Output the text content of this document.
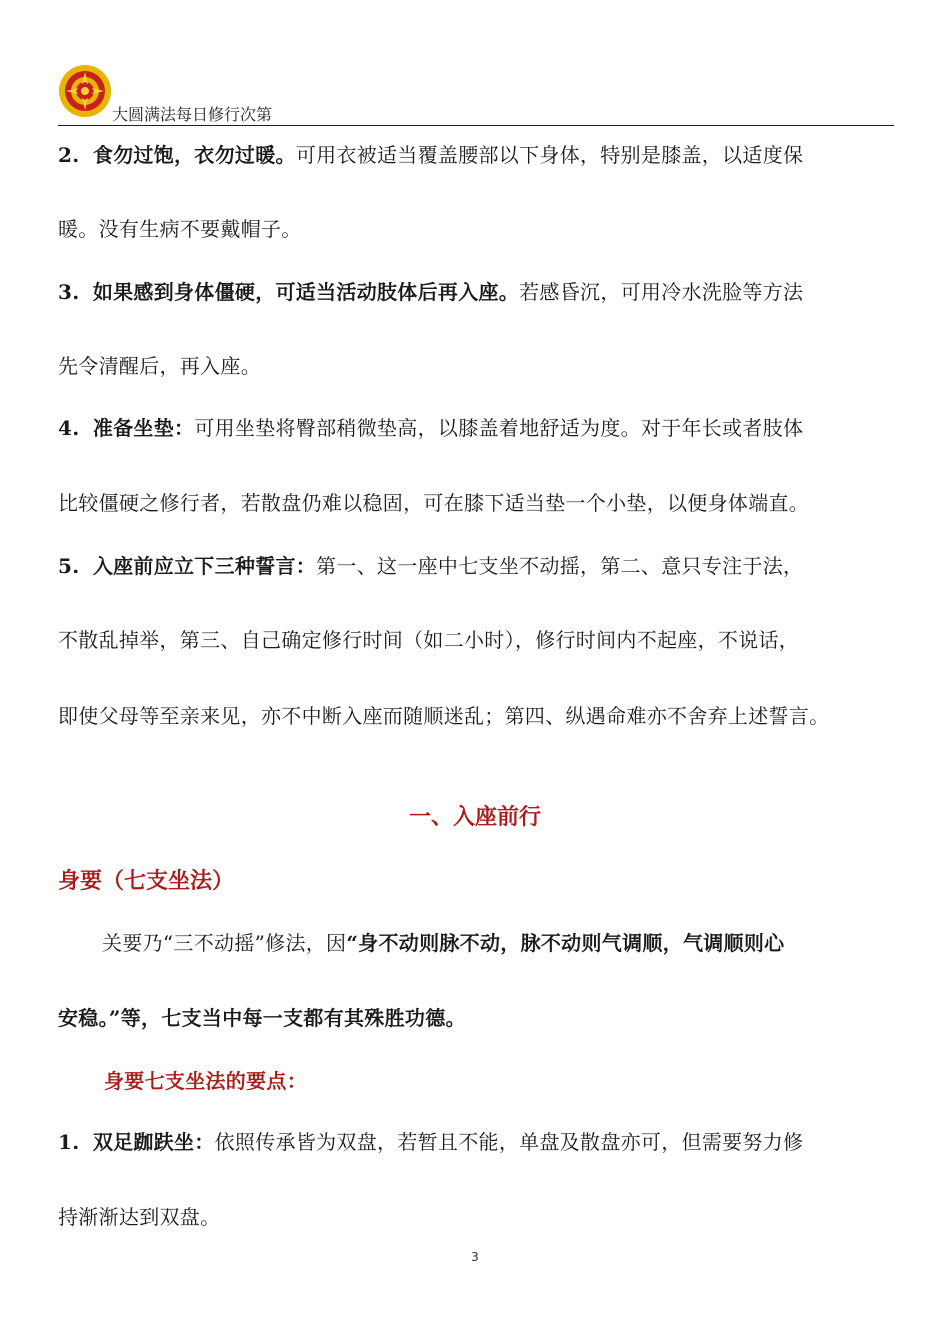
大圆满法每日修行次第
2. 食勿过饱，衣勿过暖。可用衣被适当覆盖腰部以下身体，特别是膝盖，以适度保
暖。没有生病不要戴帽子。
3. 如果感到身体僵硬，可适当活动肢体后再入座。若感昏沉，可用冷水洗脸等方法
先令清醒后，再入座。
4. 准备坐垫：可用坐垫将臀部稍微垫高，以膝盖着地舒适为度。对于年长或者肢体
比较僵硬之修行者，若散盘仍难以稳固，可在膝下适当垫一个小垫，以便身体端直。
5. 入座前应立下三种誓言：第一、这一座中七支坐不动摇，第二、意只专注于法，
不散乱掉举，第三、自己确定修行时间（如二小时），修行时间内不起座，不说话，
即使父母等至亲来见，亦不中断入座而随顺迷乱；第四、纵遇命难亦不舍弃上述誓言。
一、入座前行
身要（七支坐法）
关要乃“三不动摇”修法，因“身不动则脉不动，脉不动则气调顺，气调顺则心
安稳。”等，七支当中每一支都有其殊胜功德。
身要七支坐法的要点：
1. 双足跏趺坐：依照传承皆为双盘，若暂且不能，单盘及散盘亦可，但需要努力修
持渐渐达到双盘。
3
